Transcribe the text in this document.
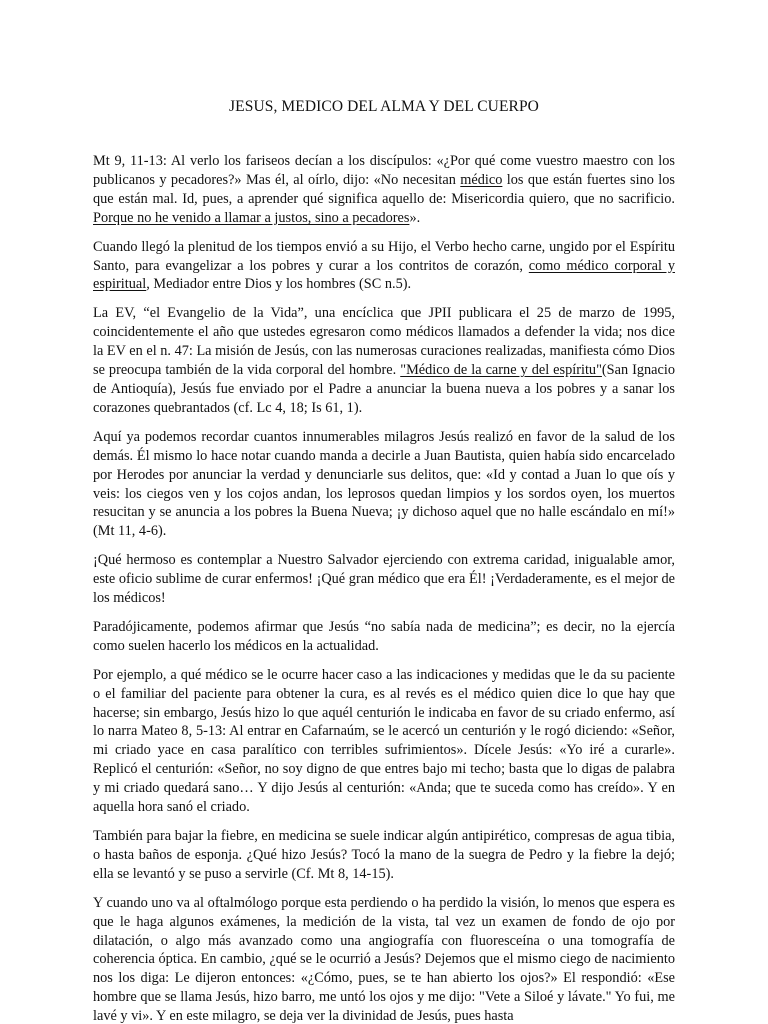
JESUS, MEDICO DEL ALMA Y DEL CUERPO

Mt 9, 11-13: Al verlo los fariseos decían a los discípulos: «¿Por qué come vuestro maestro con los publicanos y pecadores?» Mas él, al oírlo, dijo: «No necesitan médico los que están fuertes sino los que están mal. Id, pues, a aprender qué significa aquello de: Misericordia quiero, que no sacrificio. Porque no he venido a llamar a justos, sino a pecadores».

Cuando llegó la plenitud de los tiempos envió a su Hijo, el Verbo hecho carne, ungido por el Espíritu Santo, para evangelizar a los pobres y curar a los contritos de corazón, como médico corporal y espiritual, Mediador entre Dios y los hombres (SC n.5).

La EV, “el Evangelio de la Vida”, una encíclica que JPII publicara el 25 de marzo de 1995, coincidentemente el año que ustedes egresaron como médicos llamados a defender la vida; nos dice la EV en el n. 47: La misión de Jesús, con las numerosas curaciones realizadas, manifiesta cómo Dios se preocupa también de la vida corporal del hombre. "Médico de la carne y del espíritu"(San Ignacio de Antioquía), Jesús fue enviado por el Padre a anunciar la buena nueva a los pobres y a sanar los corazones quebrantados (cf. Lc 4, 18; Is 61, 1).

Aquí ya podemos recordar cuantos innumerables milagros Jesús realizó en favor de la salud de los demás. Él mismo lo hace notar cuando manda a decirle a Juan Bautista, quien había sido encarcelado por Herodes por anunciar la verdad y denunciarle sus delitos, que: «Id y contad a Juan lo que oís y veis: los ciegos ven y los cojos andan, los leprosos quedan limpios y los sordos oyen, los muertos resucitan y se anuncia a los pobres la Buena Nueva; ¡y dichoso aquel que no halle escándalo en mí!» (Mt 11, 4-6).

¡Qué hermoso es contemplar a Nuestro Salvador ejerciendo con extrema caridad, inigualable amor, este oficio sublime de curar enfermos! ¡Qué gran médico que era Él! ¡Verdaderamente, es el mejor de los médicos!

Paradójicamente, podemos afirmar que Jesús “no sabía nada de medicina”; es decir, no la ejercía como suelen hacerlo los médicos en la actualidad.

Por ejemplo, a qué médico se le ocurre hacer caso a las indicaciones y medidas que le da su paciente o el familiar del paciente para obtener la cura, es al revés es el médico quien dice lo que hay que hacerse; sin embargo, Jesús hizo lo que aquél centurión le indicaba en favor de su criado enfermo, así lo narra Mateo 8, 5-13: Al entrar en Cafarnaúm, se le acercó un centurión y le rogó diciendo: «Señor, mi criado yace en casa paralítico con terribles sufrimientos». Dícele Jesús: «Yo iré a curarle». Replicó el centurión: «Señor, no soy digno de que entres bajo mi techo; basta que lo digas de palabra y mi criado quedará sano… Y dijo Jesús al centurión: «Anda; que te suceda como has creído». Y en aquella hora sanó el criado.

También para bajar la fiebre, en medicina se suele indicar algún antipirético, compresas de agua tibia, o hasta baños de esponja. ¿Qué hizo Jesús? Tocó la mano de la suegra de Pedro y la fiebre la dejó; ella se levantó y se puso a servirle (Cf. Mt 8, 14-15).

Y cuando uno va al oftalmólogo porque esta perdiendo o ha perdido la visión, lo menos que espera es que le haga algunos exámenes, la medición de la vista, tal vez un examen de fondo de ojo por dilatación, o algo más avanzado como una angiografía con fluoresceína o una tomografía de coherencia óptica. En cambio, ¿qué se le ocurrió a Jesús? Dejemos que el mismo ciego de nacimiento nos los diga: Le dijeron entonces: «¿Cómo, pues, se te han abierto los ojos?» El respondió: «Ese hombre que se llama Jesús, hizo barro, me untó los ojos y me dijo: "Vete a Siloé y lávate." Yo fui, me lavé y vi». Y en este milagro, se deja ver la divinidad de Jesús, pues hasta
